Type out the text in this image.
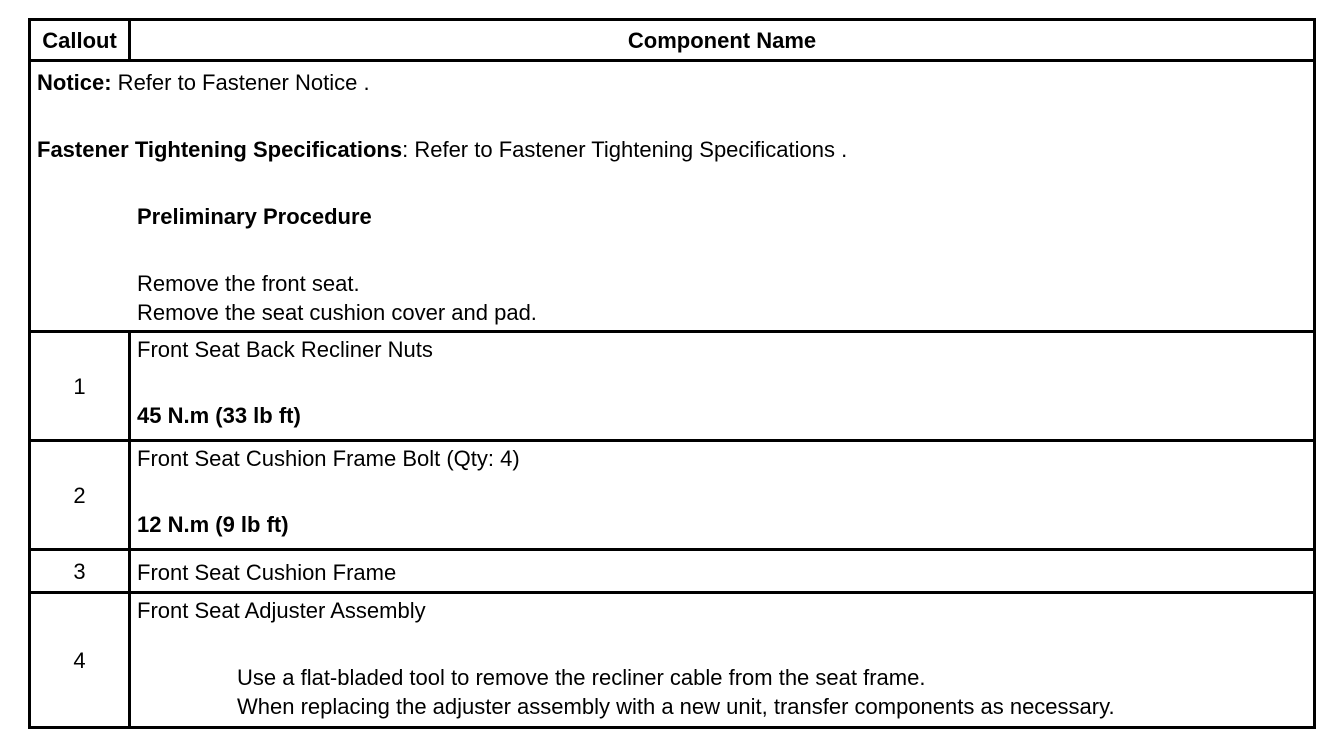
Callout	Component Name

Notice: Refer to Fastener Notice .
Fastener Tightening Specifications: Refer to Fastener Tightening Specifications .
Preliminary Procedure
Remove the front seat.
Remove the seat cushion cover and pad.	

1	Front Seat Back Recliner Nuts
45 N.m (33 lb ft)

2	Front Seat Cushion Frame Bolt (Qty: 4)
12 N.m (9 lb ft)

3	Front Seat Cushion Frame

4	Front Seat Adjuster Assembly
Use a flat-bladed tool to remove the recliner cable from the seat frame.
When replacing the adjuster assembly with a new unit, transfer components as necessary.
